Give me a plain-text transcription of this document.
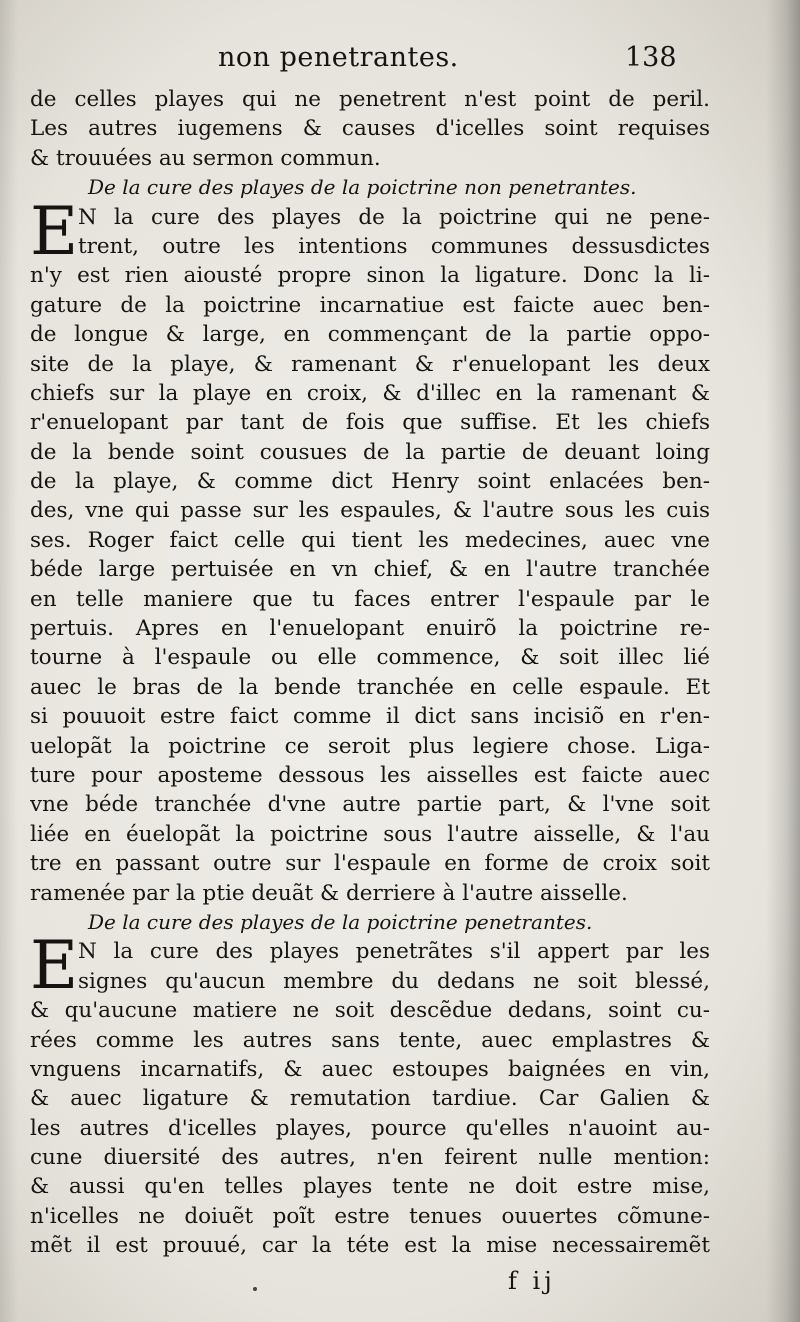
non penetrantes.	138
de celles playes qui ne penetrent n'est point de peril.
Les autres iugemens & causes d'icelles soint requises
& trouuées au sermon commun.
De la cure des playes de la poictrine non penetrantes.
E N la cure des playes de la poictrine qui ne pene-
trent, outre les intentions communes dessusdictes
n'y est rien aiousté propre sinon la ligature. Donc la li-
gature de la poictrine incarnatiue est faicte auec ben-
de longue & large, en commençant de la partie oppo-
site de la playe, & ramenant & r'enuelopant les deux
chiefs sur la playe en croix, & d'illec en la ramenant &
r'enuelopant par tant de fois que suffise. Et les chiefs
de la bende soint cousues de la partie de deuant loing
de la playe, & comme dict Henry soint enlacées ben-
des, vne qui passe sur les espaules, & l'autre sous les cuis
ses. Roger faict celle qui tient les medecines, auec vne
béde large pertuisée en vn chief, & en l'autre tranchée
en telle maniere que tu faces entrer l'espaule par le
pertuis. Apres en l'enuelopant enuirõ la poictrine re-
tourne à l'espaule ou elle commence, & soit illec lié
auec le bras de la bende tranchée en celle espaule. Et
si pouuoit estre faict comme il dict sans incisiõ en r'en-
uelopãt la poictrine ce seroit plus legiere chose. Liga-
ture pour aposteme dessous les aisselles est faicte auec
vne béde tranchée d'vne autre partie part, & l'vne soit
liée en éuelopãt la poictrine sous l'autre aisselle, & l'au
tre en passant outre sur l'espaule en forme de croix soit
ramenée par la ptie deuãt & derriere à l'autre aisselle.
De la cure des playes de la poictrine penetrantes.
E N la cure des playes penetrãtes s'il appert par les
signes qu'aucun membre du dedans ne soit blessé,
& qu'aucune matiere ne soit descẽdue dedans, soint cu-
rées comme les autres sans tente, auec emplastres &
vnguens incarnatifs, & auec estoupes baignées en vin,
& auec ligature & remutation tardiue. Car Galien &
les autres d'icelles playes, pource qu'elles n'auoint au-
cune diuersité des autres, n'en feirent nulle mention:
& aussi qu'en telles playes tente ne doit estre mise,
n'icelles ne doiuẽt poĩt estre tenues ouuertes cõmune-
mẽt il est prouué, car la téte est la mise necessairemẽt
f ij
